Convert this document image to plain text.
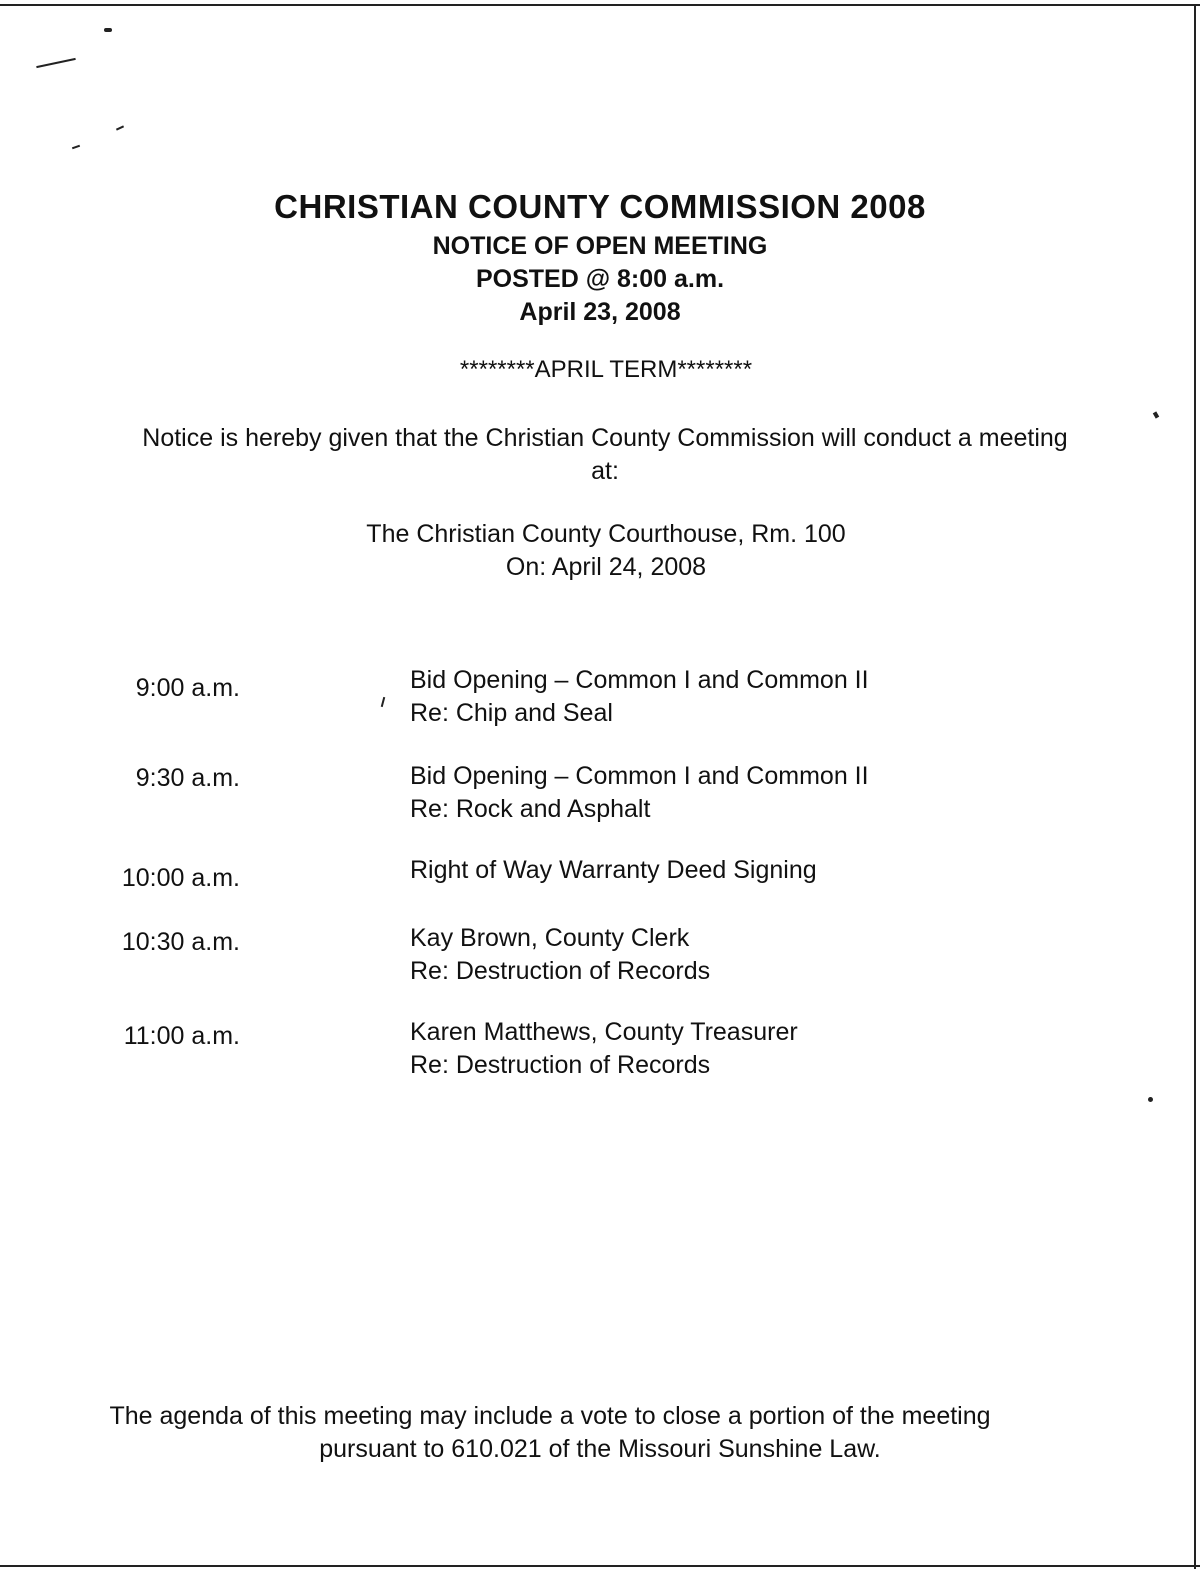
CHRISTIAN COUNTY COMMISSION 2008
NOTICE OF OPEN MEETING
POSTED @ 8:00 a.m.
April 23, 2008
********APRIL TERM********
Notice is hereby given that the Christian County Commission will conduct a meeting at:
The Christian County Courthouse, Rm. 100
On: April 24, 2008
9:00 a.m.	Bid Opening – Common I and Common II
Re: Chip and Seal
9:30 a.m.	Bid Opening – Common I and Common II
Re: Rock and Asphalt
10:00 a.m.	Right of Way Warranty Deed Signing
10:30 a.m.	Kay Brown, County Clerk
Re: Destruction of Records
11:00 a.m.	Karen Matthews, County Treasurer
Re: Destruction of Records
The agenda of this meeting may include a vote to close a portion of the meeting
pursuant to 610.021 of the Missouri Sunshine Law.
